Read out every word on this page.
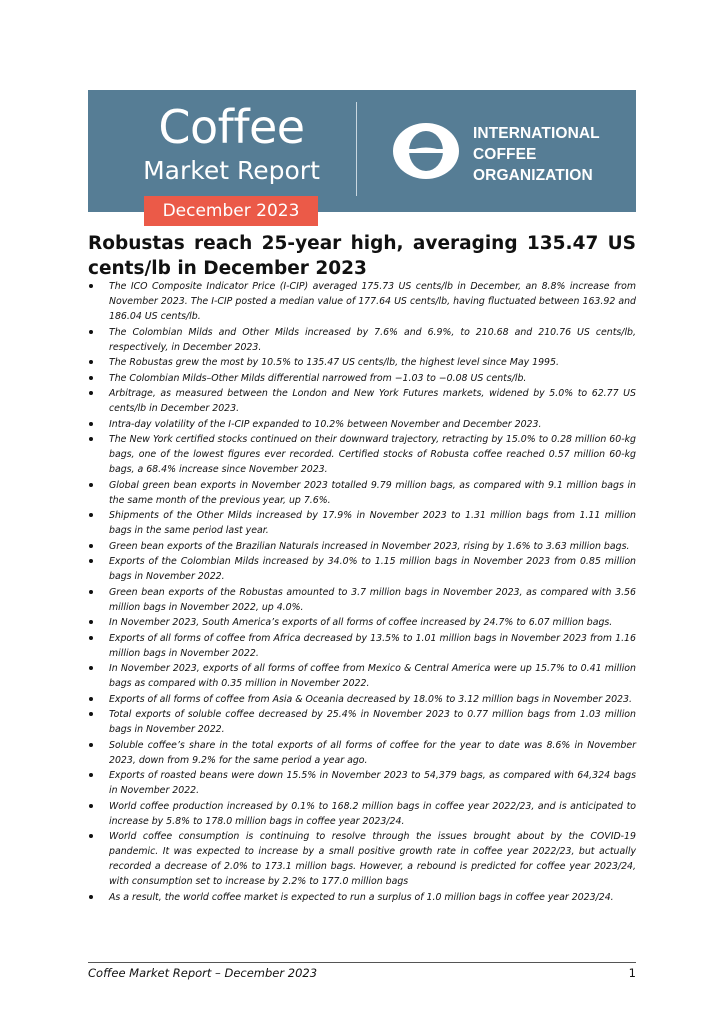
Coffee
Market Report
INTERNATIONAL
COFFEE
ORGANIZATION
December 2023
Robustas reach 25-year high, averaging 135.47 US cents/lb in December 2023
The ICO Composite Indicator Price (I-CIP) averaged 175.73 US cents/lb in December, an 8.8% increase from November 2023. The I-CIP posted a median value of 177.64 US cents/lb, having fluctuated between 163.92 and 186.04 US cents/lb.
The Colombian Milds and Other Milds increased by 7.6% and 6.9%, to 210.68 and 210.76 US cents/lb, respectively, in December 2023.
The Robustas grew the most by 10.5% to 135.47 US cents/lb, the highest level since May 1995.
The Colombian Milds–Other Milds differential narrowed from −1.03 to −0.08 US cents/lb.
Arbitrage, as measured between the London and New York Futures markets, widened by 5.0% to 62.77 US cents/lb in December 2023.
Intra-day volatility of the I-CIP expanded to 10.2% between November and December 2023.
The New York certified stocks continued on their downward trajectory, retracting by 15.0% to 0.28 million 60-kg bags, one of the lowest figures ever recorded. Certified stocks of Robusta coffee reached 0.57 million 60-kg bags, a 68.4% increase since November 2023.
Global green bean exports in November 2023 totalled 9.79 million bags, as compared with 9.1 million bags in the same month of the previous year, up 7.6%.
Shipments of the Other Milds increased by 17.9% in November 2023 to 1.31 million bags from 1.11 million bags in the same period last year.
Green bean exports of the Brazilian Naturals increased in November 2023, rising by 1.6% to 3.63 million bags.
Exports of the Colombian Milds increased by 34.0% to 1.15 million bags in November 2023 from 0.85 million bags in November 2022.
Green bean exports of the Robustas amounted to 3.7 million bags in November 2023, as compared with 3.56 million bags in November 2022, up 4.0%.
In November 2023, South America’s exports of all forms of coffee increased by 24.7% to 6.07 million bags.
Exports of all forms of coffee from Africa decreased by 13.5% to 1.01 million bags in November 2023 from 1.16 million bags in November 2022.
In November 2023, exports of all forms of coffee from Mexico & Central America were up 15.7% to 0.41 million bags as compared with 0.35 million in November 2022.
Exports of all forms of coffee from Asia & Oceania decreased by 18.0% to 3.12 million bags in November 2023.
Total exports of soluble coffee decreased by 25.4% in November 2023 to 0.77 million bags from 1.03 million bags in November 2022.
Soluble coffee’s share in the total exports of all forms of coffee for the year to date was 8.6% in November 2023, down from 9.2% for the same period a year ago.
Exports of roasted beans were down 15.5% in November 2023 to 54,379 bags, as compared with 64,324 bags in November 2022.
World coffee production increased by 0.1% to 168.2 million bags in coffee year 2022/23, and is anticipated to increase by 5.8% to 178.0 million bags in coffee year 2023/24.
World coffee consumption is continuing to resolve through the issues brought about by the COVID-19 pandemic. It was expected to increase by a small positive growth rate in coffee year 2022/23, but actually recorded a decrease of 2.0% to 173.1 million bags. However, a rebound is predicted for coffee year 2023/24, with consumption set to increase by 2.2% to 177.0 million bags
As a result, the world coffee market is expected to run a surplus of 1.0 million bags in coffee year 2023/24.
Coffee Market Report – December 2023	1
